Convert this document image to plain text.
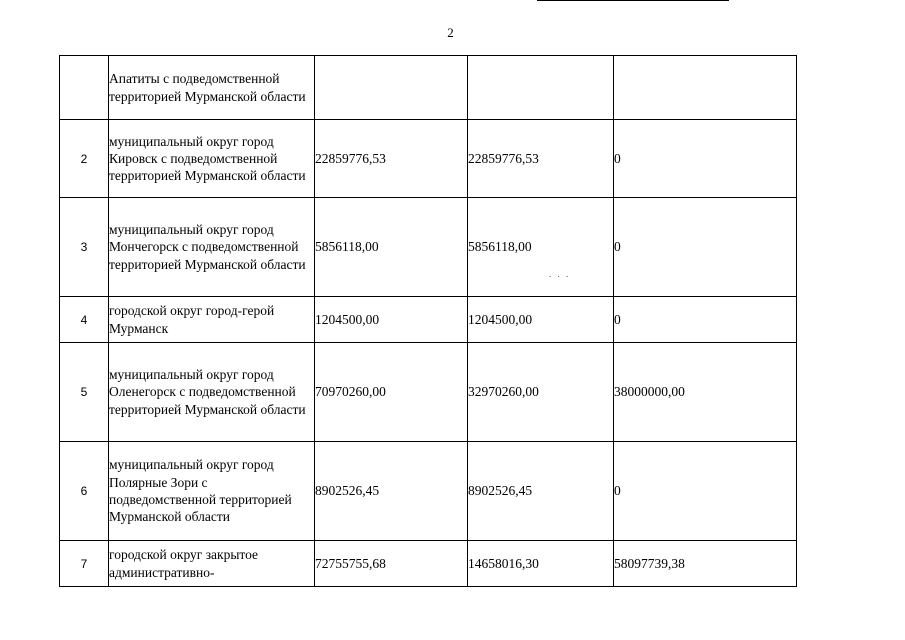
2
	Апатиты с подведомственной территорией Мурманской области			
2	муниципальный округ город Кировск с подведомственной территорией Мурманской области	22859776,53	22859776,53	0
3	муниципальный округ город Мончегорск с подведомственной территорией Мурманской области	5856118,00	5856118,00	0
4	городской округ город-герой Мурманск	1204500,00	1204500,00	0
5	муниципальный округ город Оленегорск с подведомственной территорией Мурманской области	70970260,00	32970260,00	38000000,00
6	муниципальный округ город Полярные Зори с подведомственной территорией Мурманской области	8902526,45	8902526,45	0
7	городской округ закрытое административно-	72755755,68	14658016,30	58097739,38
. . .
